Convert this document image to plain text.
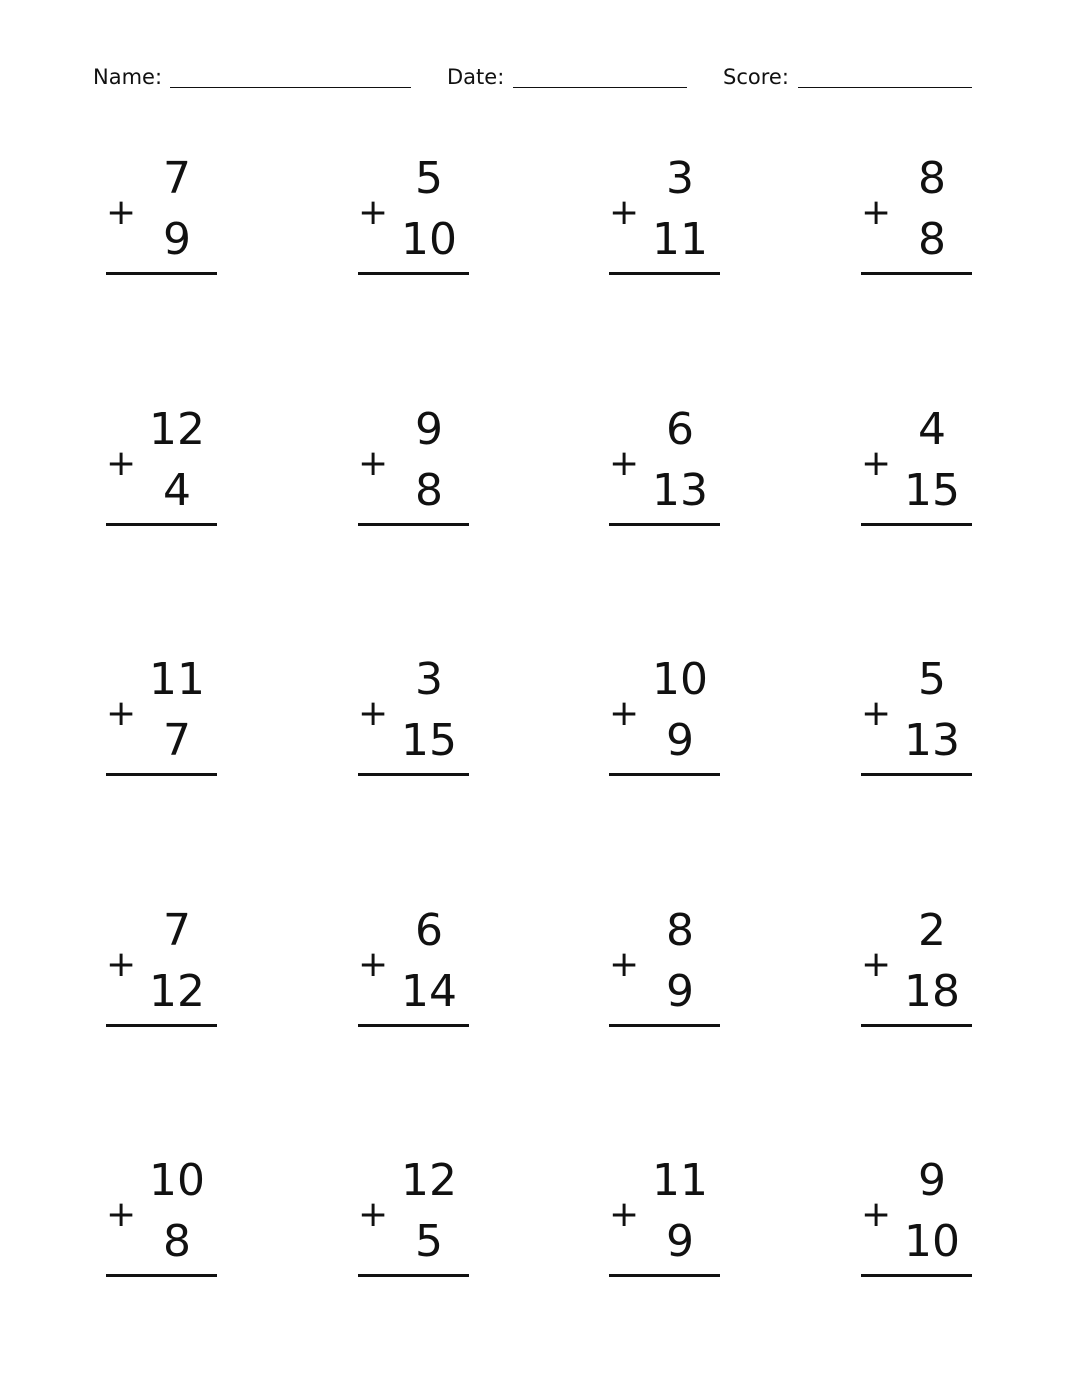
Name:	Date:	Score:
+
7
9
+
5
10
+
3
11
+
8
8
+
12
4
+
9
8
+
6
13
+
4
15
+
11
7
+
3
15
+
10
9
+
5
13
+
7
12
+
6
14
+
8
9
+
2
18
+
10
8
+
12
5
+
11
9
+
9
10
